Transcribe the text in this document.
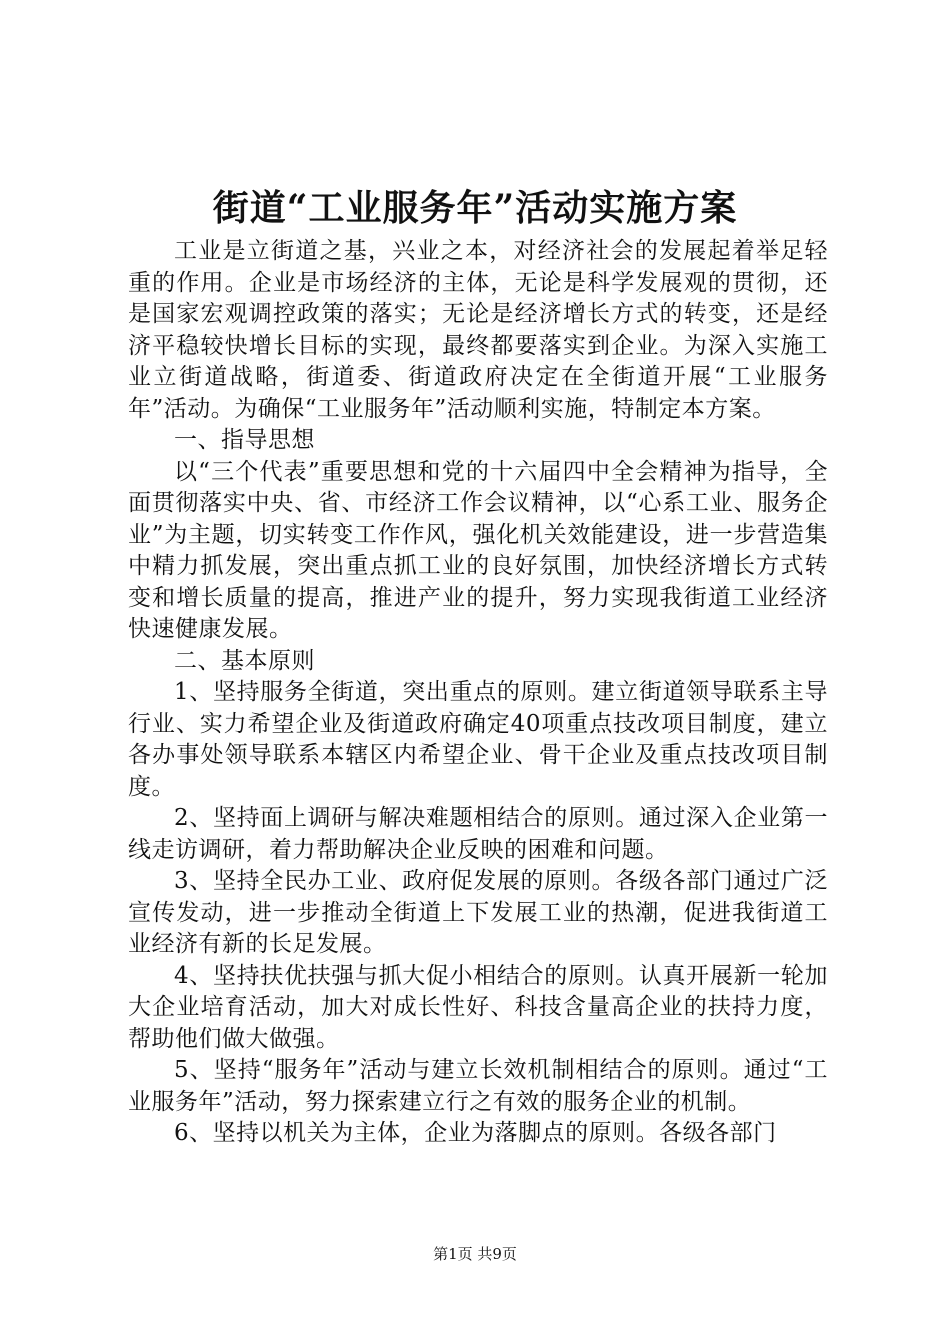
街道“工业服务年”活动实施方案

工业是立街道之基，兴业之本，对经济社会的发展起着举足轻重的作用。企业是市场经济的主体，无论是科学发展观的贯彻，还是国家宏观调控政策的落实；无论是经济增长方式的转变，还是经济平稳较快增长目标的实现，最终都要落实到企业。为深入实施工业立街道战略，街道委、街道政府决定在全街道开展“工业服务年”活动。为确保“工业服务年”活动顺利实施，特制定本方案。

一、指导思想

以“三个代表”重要思想和党的十六届四中全会精神为指导，全面贯彻落实中央、省、市经济工作会议精神，以“心系工业、服务企业”为主题，切实转变工作作风，强化机关效能建设，进一步营造集中精力抓发展，突出重点抓工业的良好氛围，加快经济增长方式转变和增长质量的提高，推进产业的提升，努力实现我街道工业经济快速健康发展。

二、基本原则

1、坚持服务全街道，突出重点的原则。建立街道领导联系主导行业、实力希望企业及街道政府确定40项重点技改项目制度，建立各办事处领导联系本辖区内希望企业、骨干企业及重点技改项目制度。

2、坚持面上调研与解决难题相结合的原则。通过深入企业第一线走访调研，着力帮助解决企业反映的困难和问题。

3、坚持全民办工业、政府促发展的原则。各级各部门通过广泛宣传发动，进一步推动全街道上下发展工业的热潮，促进我街道工业经济有新的长足发展。

4、坚持扶优扶强与抓大促小相结合的原则。认真开展新一轮加大企业培育活动，加大对成长性好、科技含量高企业的扶持力度，帮助他们做大做强。

5、坚持“服务年”活动与建立长效机制相结合的原则。通过“工业服务年”活动，努力探索建立行之有效的服务企业的机制。

6、坚持以机关为主体，企业为落脚点的原则。各级各部门

第1页 共9页
